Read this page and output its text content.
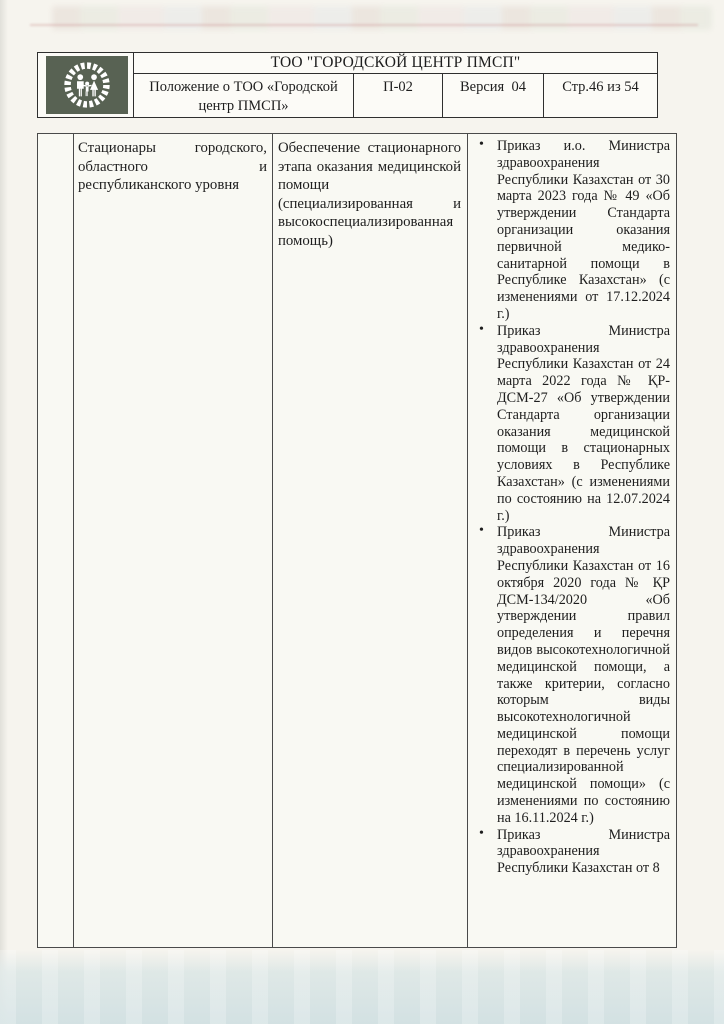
ТОО "ГОРОДСКОЙ ЦЕНТР ПМСП"
Положение о ТОО «Городской центр ПМСП»
П-02	Версия  04	Стр.46 из 54
Стационары городского, областного и республиканского уровня
Обеспечение стационарного этапа оказания медицинской помощи (специализированная и высокоспециализированная помощь)
• Приказ и.о. Министра здравоохранения Республики Казахстан от 30 марта 2023 года № 49 «Об утверждении Стандарта организации оказания первичной медико-санитарной помощи в Республике Казахстан» (с изменениями от 17.12.2024 г.)
• Приказ Министра здравоохранения Республики Казахстан от 24 марта 2022 года № ҚР-ДСМ-27 «Об утверждении Стандарта организации оказания медицинской помощи в стационарных условиях в Республике Казахстан» (с изменениями по состоянию на 12.07.2024 г.)
• Приказ Министра здравоохранения Республики Казахстан от 16 октября 2020 года № ҚР ДСМ-134/2020 «Об утверждении правил определения и перечня видов высокотехнологичной медицинской помощи, а также критерии, согласно которым виды высокотехнологичной медицинской помощи переходят в перечень услуг специализированной медицинской помощи» (с изменениями по состоянию на 16.11.2024 г.)
• Приказ Министра здравоохранения Республики Казахстан от 8
